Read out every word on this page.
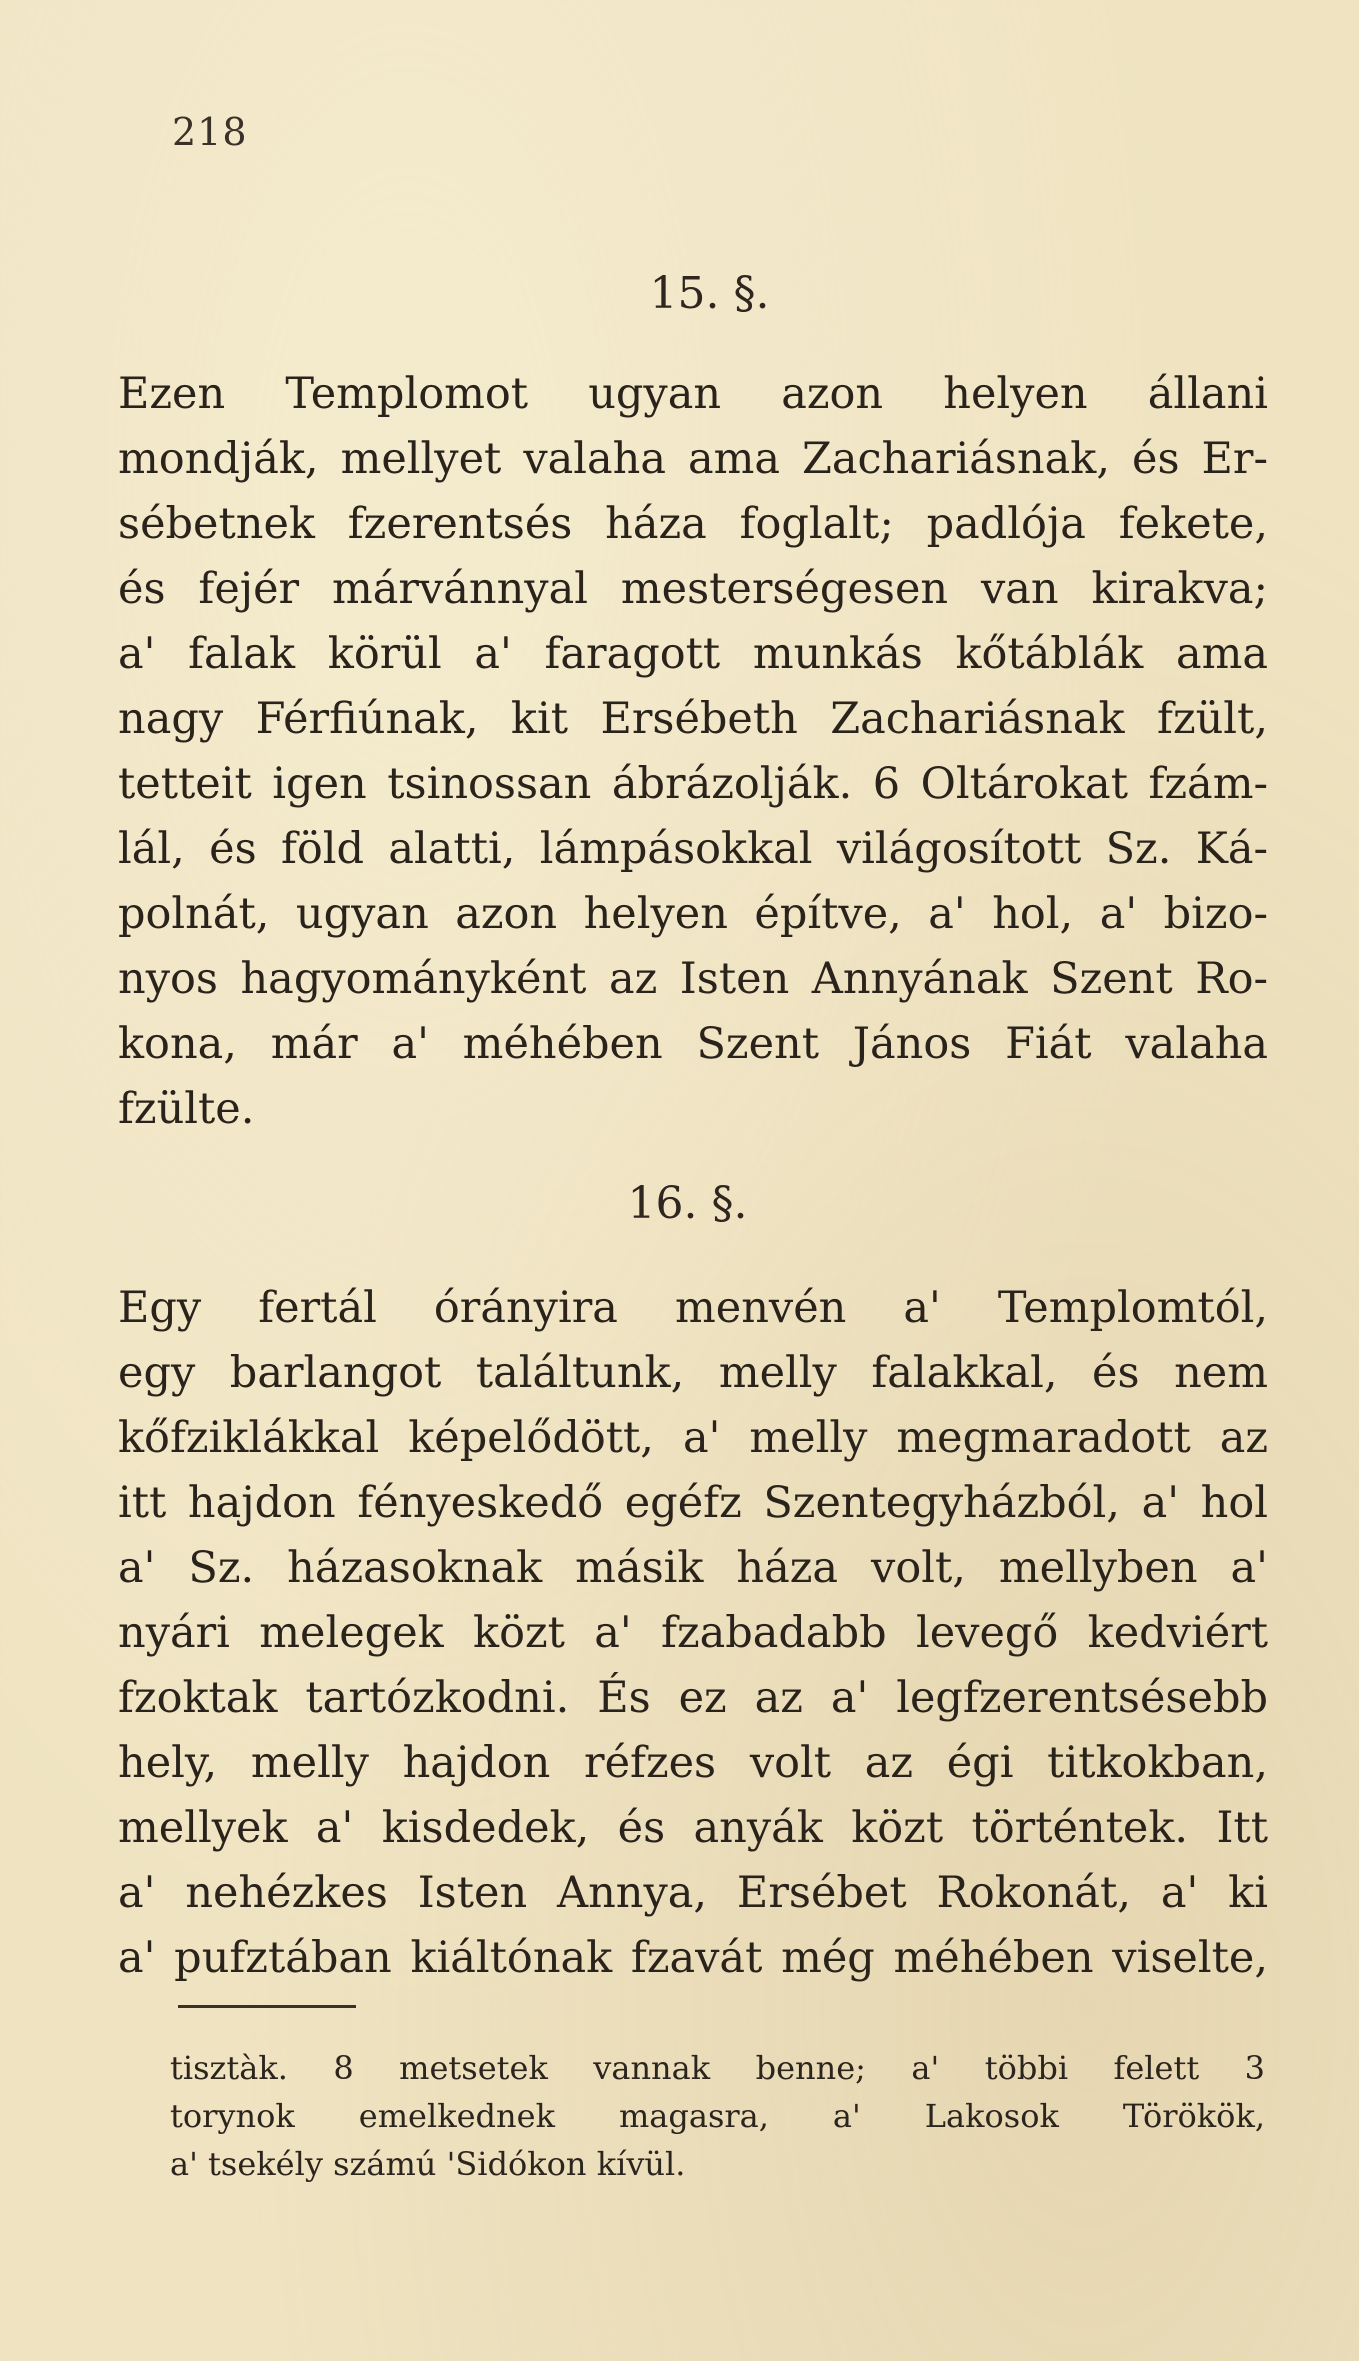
218
15. §.
Ezen Templomot ugyan azon helyen állani
mondják, mellyet valaha ama Zachariásnak, és Er-
sébetnek fzerentsés háza foglalt; padlója fekete,
és fejér márvánnyal mesterségesen van kirakva;
a' falak körül a' faragott munkás kőtáblák ama
nagy Férfiúnak, kit Ersébeth Zachariásnak fzült,
tetteit igen tsinossan ábrázolják. 6 Oltárokat fzám-
lál, és föld alatti, lámpásokkal világosított Sz. Ká-
polnát, ugyan azon helyen építve, a' hol, a' bizo-
nyos hagyományként az Isten Annyának Szent Ro-
kona, már a' méhében Szent János Fiát valaha
fzülte.
16. §.
Egy fertál órányira menvén a' Templomtól,
egy barlangot találtunk, melly falakkal, és nem
kőfziklákkal képelődött, a' melly megmaradott az
itt hajdon fényeskedő egéfz Szentegyházból, a' hol
a' Sz. házasoknak másik háza volt, mellyben a'
nyári melegek közt a' fzabadabb levegő kedviért
fzoktak tartózkodni. És ez az a' legfzerentsésebb
hely, melly hajdon réfzes volt az égi titkokban,
mellyek a' kisdedek, és anyák közt történtek. Itt
a' nehézkes Isten Annya, Ersébet Rokonát, a' ki
a' pufztában kiáltónak fzavát még méhében viselte,
tisztàk. 8 metsetek vannak benne; a' többi felett 3
torynok emelkednek magasra, a' Lakosok Törökök,
a' tsekély számú 'Sidókon kívül.
